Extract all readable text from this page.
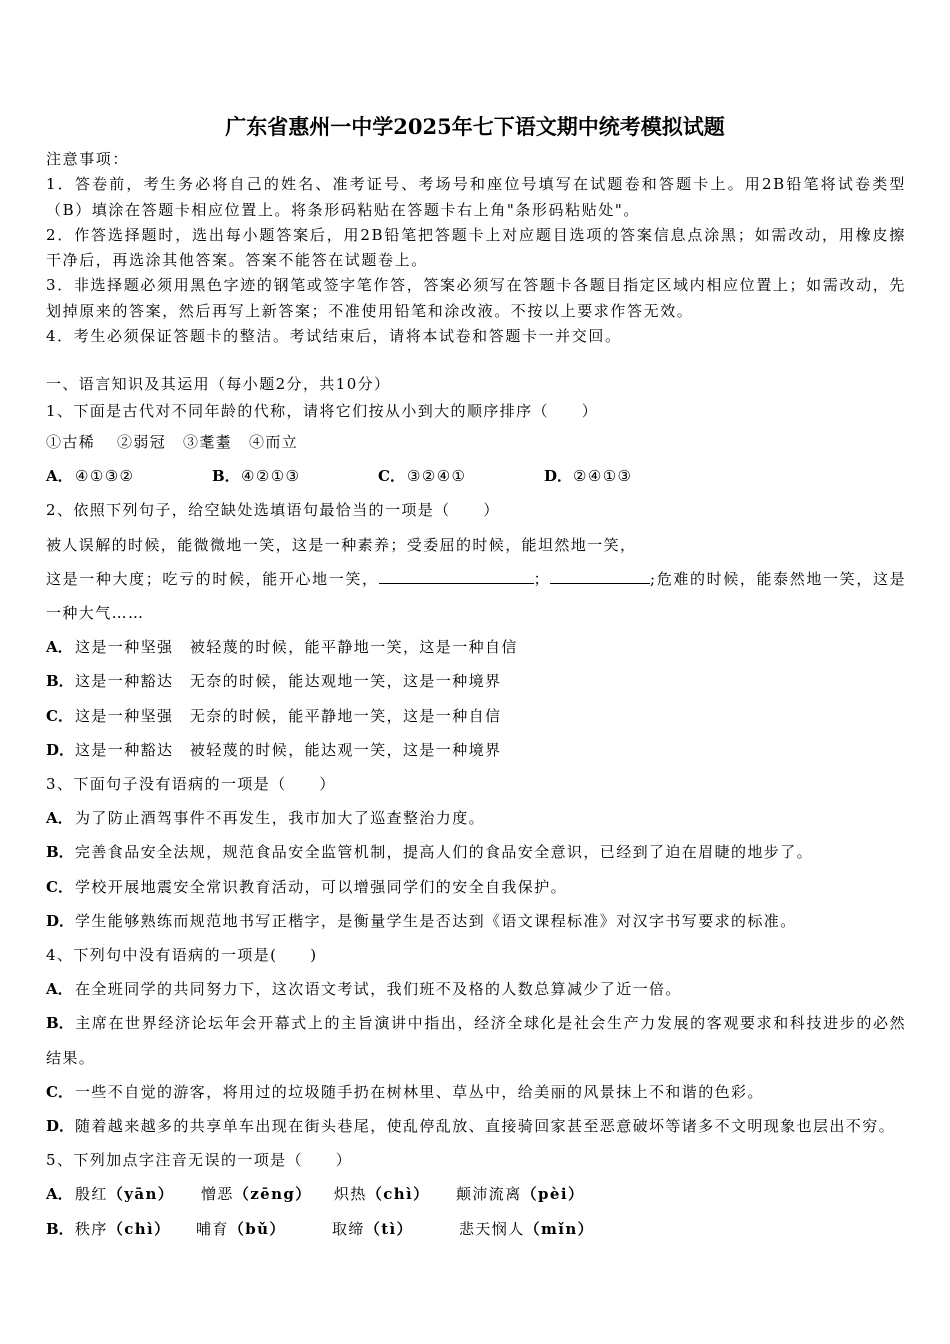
广东省惠州一中学2025年七下语文期中统考模拟试题

注意事项：

1．答卷前，考生务必将自己的姓名、准考证号、考场号和座位号填写在试题卷和答题卡上。用2B铅笔将试卷类型（B）填涂在答题卡相应位置上。将条形码粘贴在答题卡右上角"条形码粘贴处"。

2．作答选择题时，选出每小题答案后，用2B铅笔把答题卡上对应题目选项的答案信息点涂黑；如需改动，用橡皮擦干净后，再选涂其他答案。答案不能答在试题卷上。

3．非选择题必须用黑色字迹的钢笔或签字笔作答，答案必须写在答题卡各题目指定区域内相应位置上；如需改动，先划掉原来的答案，然后再写上新答案；不准使用铅笔和涂改液。不按以上要求作答无效。

4．考生必须保证答题卡的整洁。考试结束后，请将本试卷和答题卡一并交回。

一、语言知识及其运用（每小题2分，共10分）

1、下面是古代对不同年龄的代称，请将它们按从小到大的顺序排序（　　）

①古稀 ②弱冠 ③耄耋 ④而立

A． ④①③②	B．④②①③	C． ③②④①	D．②④①③

2、依照下列句子，给空缺处选填语句最恰当的一项是（　　）

被人误解的时候，能微微地一笑，这是一种素养；受委屈的时候，能坦然地一笑，

这是一种大度；吃亏的时候，能开心地一笑，	；	;危难的时候，能泰然地一笑，这是一种大气……

A． 这是一种坚强　被轻蔑的时候，能平静地一笑，这是一种自信

B．这是一种豁达　无奈的时候，能达观地一笑，这是一种境界

C． 这是一种坚强　无奈的时候，能平静地一笑，这是一种自信

D．这是一种豁达　被轻蔑的时候，能达观一笑，这是一种境界

3、下面句子没有语病的一项是（　　）

A． 为了防止酒驾事件不再发生，我市加大了巡查整治力度。

B．完善食品安全法规，规范食品安全监管机制，提高人们的食品安全意识，已经到了迫在眉睫的地步了。

C． 学校开展地震安全常识教育活动，可以增强同学们的安全自我保护。

D．学生能够熟练而规范地书写正楷字，是衡量学生是否达到《语文课程标准》对汉字书写要求的标准。

4、下列句中没有语病的一项是(　　)

A． 在全班同学的共同努力下，这次语文考试，我们班不及格的人数总算减少了近一倍。

B．主席在世界经济论坛年会开幕式上的主旨演讲中指出，经济全球化是社会生产力发展的客观要求和科技进步的必然结果。

C． 一些不自觉的游客，将用过的垃圾随手扔在树林里、草丛中，给美丽的风景抹上不和谐的色彩。

D．随着越来越多的共享单车出现在街头巷尾，使乱停乱放、直接骑回家甚至恶意破坏等诸多不文明现象也层出不穷。

5、下列加点字注音无误的一项是（　　）

A． 殷红（yān） 憎恶（zēng） 炽热（chì） 颠沛流离（pèi）

B．秩序（chì） 哺育（bǔ）	取缔（tì）	悲天悯人（mǐn）
